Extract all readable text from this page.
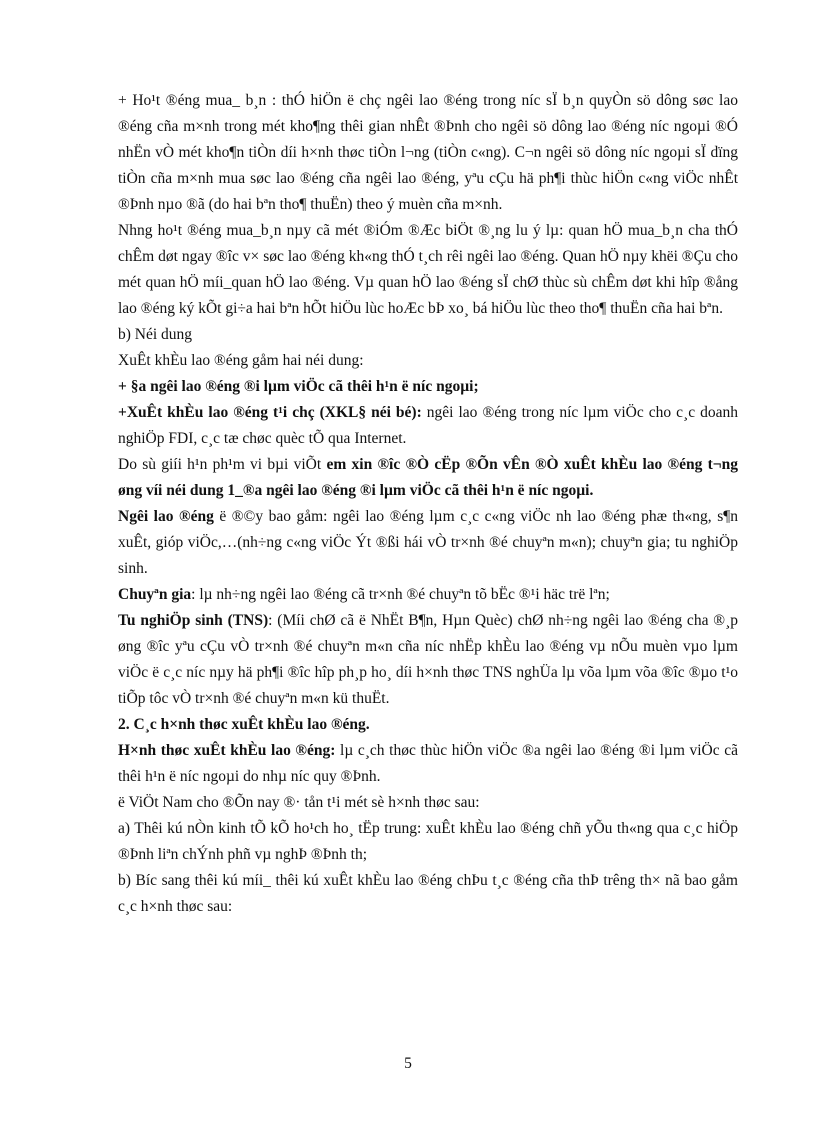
+ Ho¹t ®éng mua_ b¸n : thÓ hiÖn ë chç ngêi lao ®éng trong níc sÏ b¸n quyÒn sö dông søc lao ®éng cña m×nh trong mét kho¶ng thêi gian nhÊt ®Þnh cho ngêi sö dông lao ®éng níc ngoµi ®Ó nhËn vÒ mét kho¶n tiÒn díi h×nh thøc tiÒn l¬ng (tiÒn c«ng). C¬n ngêi sö dông níc ngoµi sÏ dïng tiÒn cña m×nh mua søc lao ®éng cña ngêi lao ®éng, yªu cÇu hä ph¶i thùc hiÖn c«ng viÖc nhÊt ®Þnh nµo ®ã (do hai bªn tho¶ thuËn) theo ý muèn cña m×nh.

Nhng ho¹t ®éng mua_b¸n nµy cã mét ®iÓm ®Æc biÖt ®¸ng lu ý lµ: quan hÖ mua_b¸n cha thÓ chÊm døt ngay ®îc v× søc lao ®éng kh«ng thÓ t¸ch rêi ngêi lao ®éng. Quan hÖ nµy khëi ®Çu cho mét quan hÖ míi_quan hÖ lao ®éng. Vµ quan hÖ lao ®éng sÏ chØ thùc sù chÊm døt khi hîp ®ång lao ®éng ký kÕt gi÷a hai bªn hÕt hiÖu lùc hoÆc bÞ xo¸ bá hiÖu lùc theo tho¶ thuËn cña hai bªn.

b) Néi dung

XuÊt khÈu lao ®éng gåm hai néi dung:

+ §a ngêi lao ®éng ®i lµm viÖc cã thêi h¹n ë níc ngoµi;

+XuÊt khÈu lao ®éng t¹i chç (XKL§ néi bé): ngêi lao ®éng trong níc lµm viÖc cho c¸c doanh nghiÖp FDI, c¸c tæ chøc quèc tÕ qua Internet.

Do sù giíi h¹n ph¹m vi bµi viÕt em xin ®îc ®Ò cËp ®Õn vÊn ®Ò xuÊt khÈu lao ®éng t¬ng øng víi néi dung 1_®a ngêi lao ®éng ®i lµm viÖc cã thêi h¹n ë níc ngoµi.

Ngêi lao ®éng ë ®©y bao gåm: ngêi lao ®éng lµm c¸c c«ng viÖc nh lao ®éng phæ th«ng, s¶n xuÊt, gióp viÖc,…(nh÷ng c«ng viÖc Ýt ®ßi hái vÒ tr×nh ®é chuyªn m«n); chuyªn gia; tu nghiÖp sinh.

Chuyªn gia: lµ nh÷ng ngêi lao ®éng cã tr×nh ®é chuyªn tõ bËc ®¹i häc trë lªn;

Tu nghiÖp sinh (TNS): (Míi chØ cã ë NhËt B¶n, Hµn Quèc) chØ nh÷ng ngêi lao ®éng cha ®¸p øng ®îc yªu cÇu vÒ tr×nh ®é chuyªn m«n cña níc nhËp khÈu lao ®éng vµ nÕu muèn vµo lµm viÖc ë c¸c níc nµy hä ph¶i ®îc hîp ph¸p ho¸ díi h×nh thøc TNS nghÜa lµ võa lµm võa ®îc ®µo t¹o tiÕp tôc vÒ tr×nh ®é chuyªn m«n kü thuËt.

2. C¸c h×nh thøc xuÊt khÈu lao ®éng.

H×nh thøc xuÊt khÈu lao ®éng: lµ c¸ch thøc thùc hiÖn viÖc ®a ngêi lao ®éng ®i lµm viÖc cã thêi h¹n ë níc ngoµi do nhµ níc quy ®Þnh.

ë ViÖt Nam cho ®Õn nay ®· tån t¹i mét sè h×nh thøc sau:

a) Thêi kú nÒn kinh tÕ kÕ ho¹ch ho¸ tËp trung: xuÊt khÈu lao ®éng chñ yÕu th«ng qua c¸c hiÖp ®Þnh liªn chÝnh phñ vµ nghÞ ®Þnh th;

b) Bíc sang thêi kú míi_ thêi kú xuÊt khÈu lao ®éng chÞu t¸c ®éng cña thÞ trêng th× nã bao gåm c¸c h×nh thøc sau:

5
